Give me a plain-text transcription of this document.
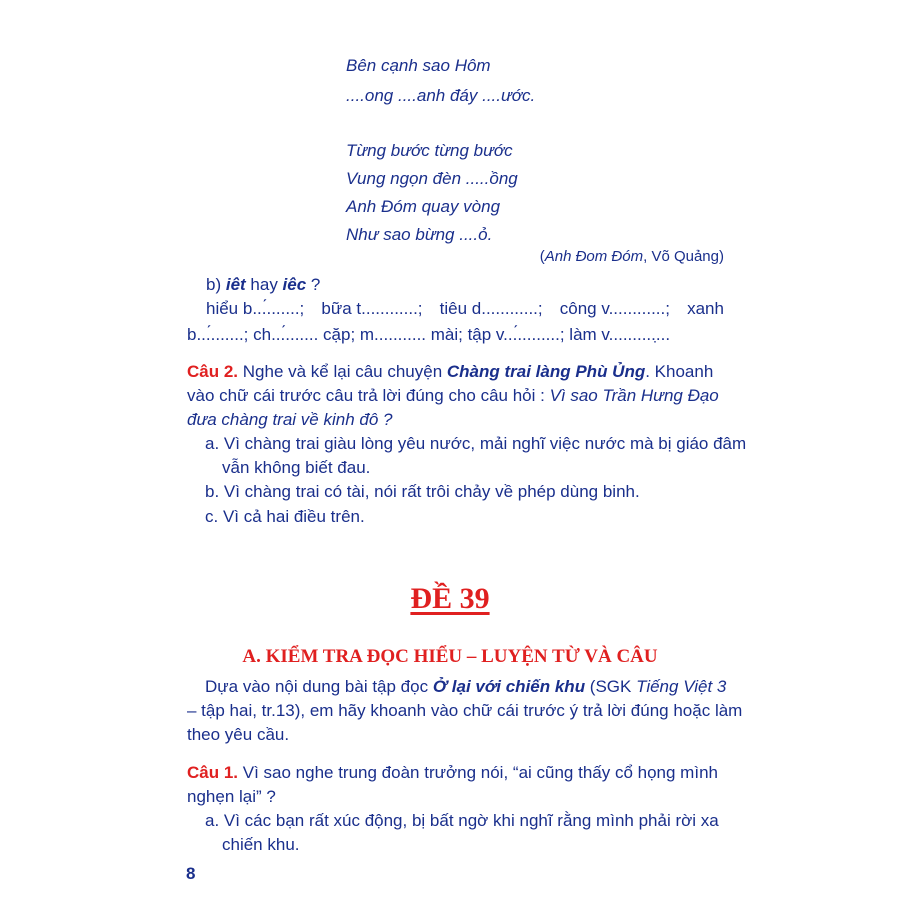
Bên cạnh sao Hôm
....ong ....anh đáy ....ước.
Từng bước từng bước
Vung ngọn đèn .....ồng
Anh Đóm quay vòng
Như sao bừng ....ỏ.
(Anh Đom Đóm, Võ Quảng)
b) iêt hay iêc ?
hiểu b...́.......; bữa t............; tiêu d............; công v............; xanh
b...́.......; ch...́....... cặp; m........... mài; tập v...́.........; làm v...........̣..
Câu 2. Nghe và kể lại câu chuyện Chàng trai làng Phù Ủng. Khoanh
vào chữ cái trước câu trả lời đúng cho câu hỏi : Vì sao Trần Hưng Đạo
đưa chàng trai về kinh đô ?
a. Vì chàng trai giàu lòng yêu nước, mải nghĩ việc nước mà bị giáo đâm
vẫn không biết đau.
b. Vì chàng trai có tài, nói rất trôi chảy về phép dùng binh.
c. Vì cả hai điều trên.
ĐỀ 39
A. KIỂM TRA ĐỌC HIỂU – LUYỆN TỪ VÀ CÂU
Dựa vào nội dung bài tập đọc Ở lại với chiến khu (SGK Tiếng Việt 3
– tập hai, tr.13), em hãy khoanh vào chữ cái trước ý trả lời đúng hoặc làm
theo yêu cầu.
Câu 1. Vì sao nghe trung đoàn trưởng nói, “ai cũng thấy cổ họng mình
nghẹn lại” ?
a. Vì các bạn rất xúc động, bị bất ngờ khi nghĩ rằng mình phải rời xa
chiến khu.
8
